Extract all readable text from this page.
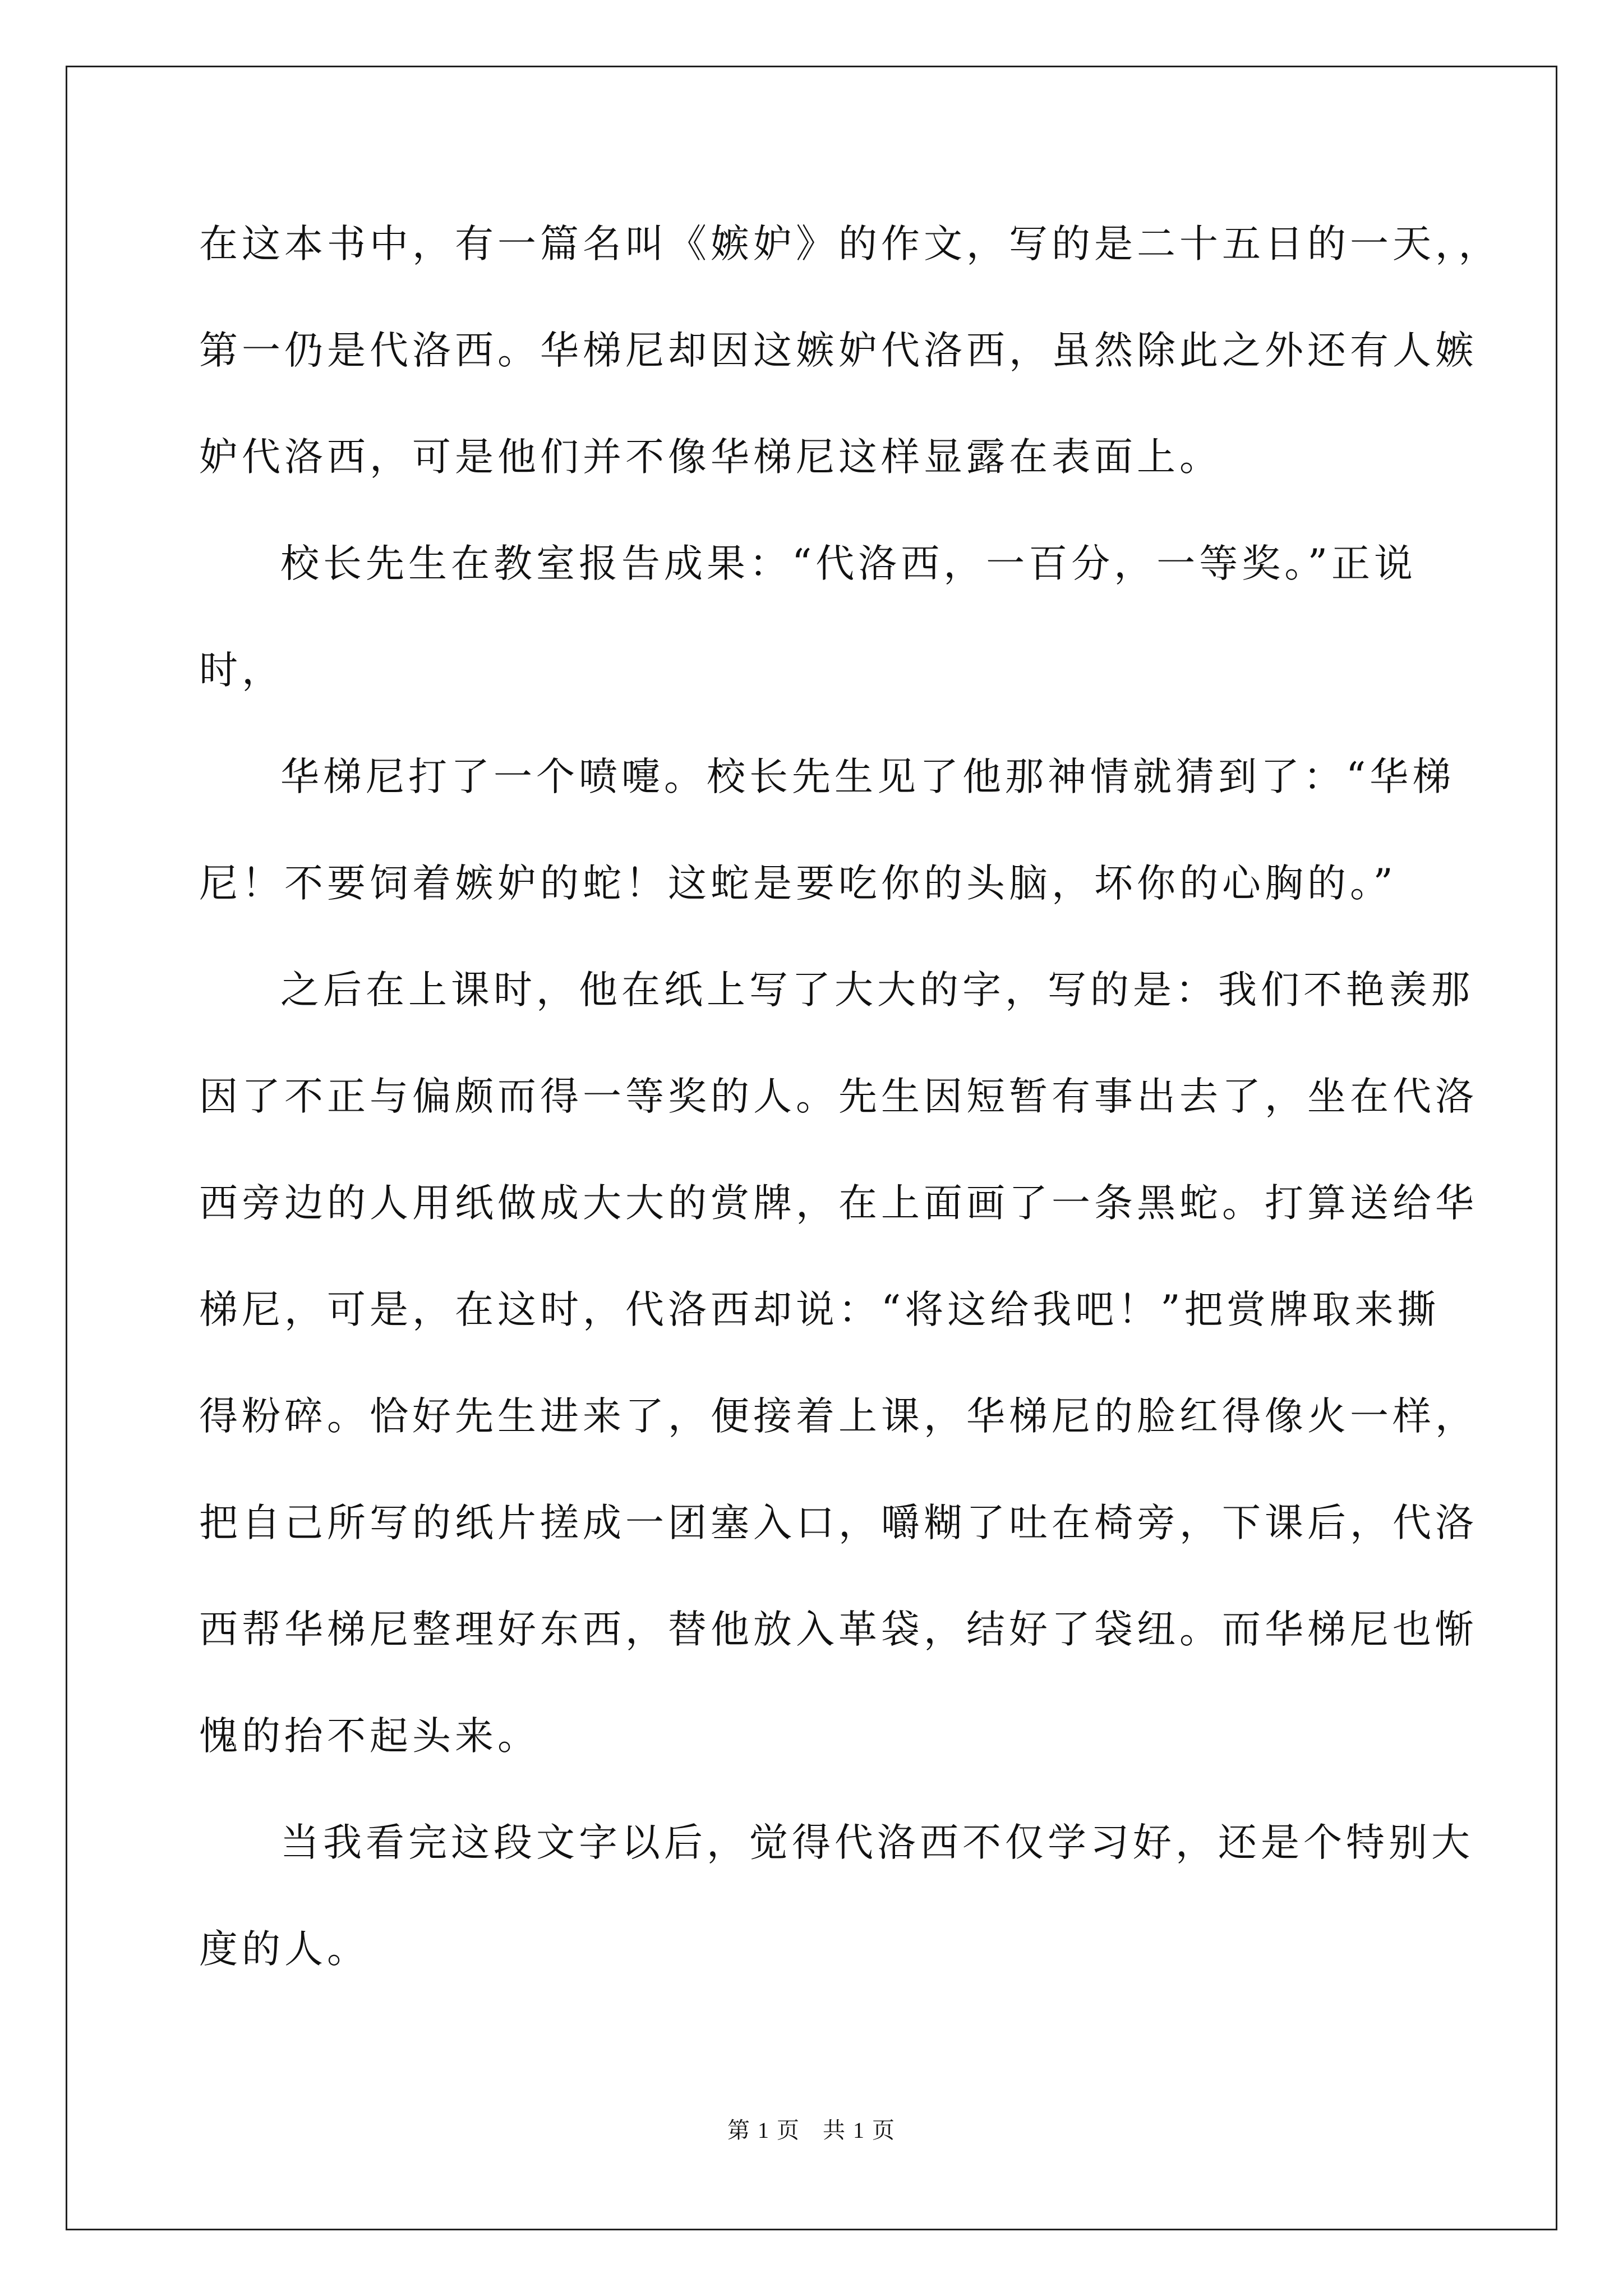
在这本书中，有一篇名叫《嫉妒》的作文，写的是二十五日的一天，，
第一仍是代洛西。华梯尼却因这嫉妒代洛西，虽然除此之外还有人嫉
妒代洛西，可是他们并不像华梯尼这样显露在表面上。
校长先生在教室报告成果：“代洛西，一百分，一等奖。”正说
时，
华梯尼打了一个喷嚏。校长先生见了他那神情就猜到了：“华梯
尼！不要饲着嫉妒的蛇！这蛇是要吃你的头脑，坏你的心胸的。”
之后在上课时，他在纸上写了大大的字，写的是：我们不艳羡那
因了不正与偏颇而得一等奖的人。先生因短暂有事出去了，坐在代洛
西旁边的人用纸做成大大的赏牌，在上面画了一条黑蛇。打算送给华
梯尼，可是，在这时，代洛西却说：“将这给我吧！”把赏牌取来撕
得粉碎。恰好先生进来了，便接着上课，华梯尼的脸红得像火一样，
把自己所写的纸片搓成一团塞入口，嚼糊了吐在椅旁，下课后，代洛
西帮华梯尼整理好东西，替他放入革袋，结好了袋纽。而华梯尼也惭
愧的抬不起头来。
当我看完这段文字以后，觉得代洛西不仅学习好，还是个特别大
度的人。
第 1 页 共 1 页
